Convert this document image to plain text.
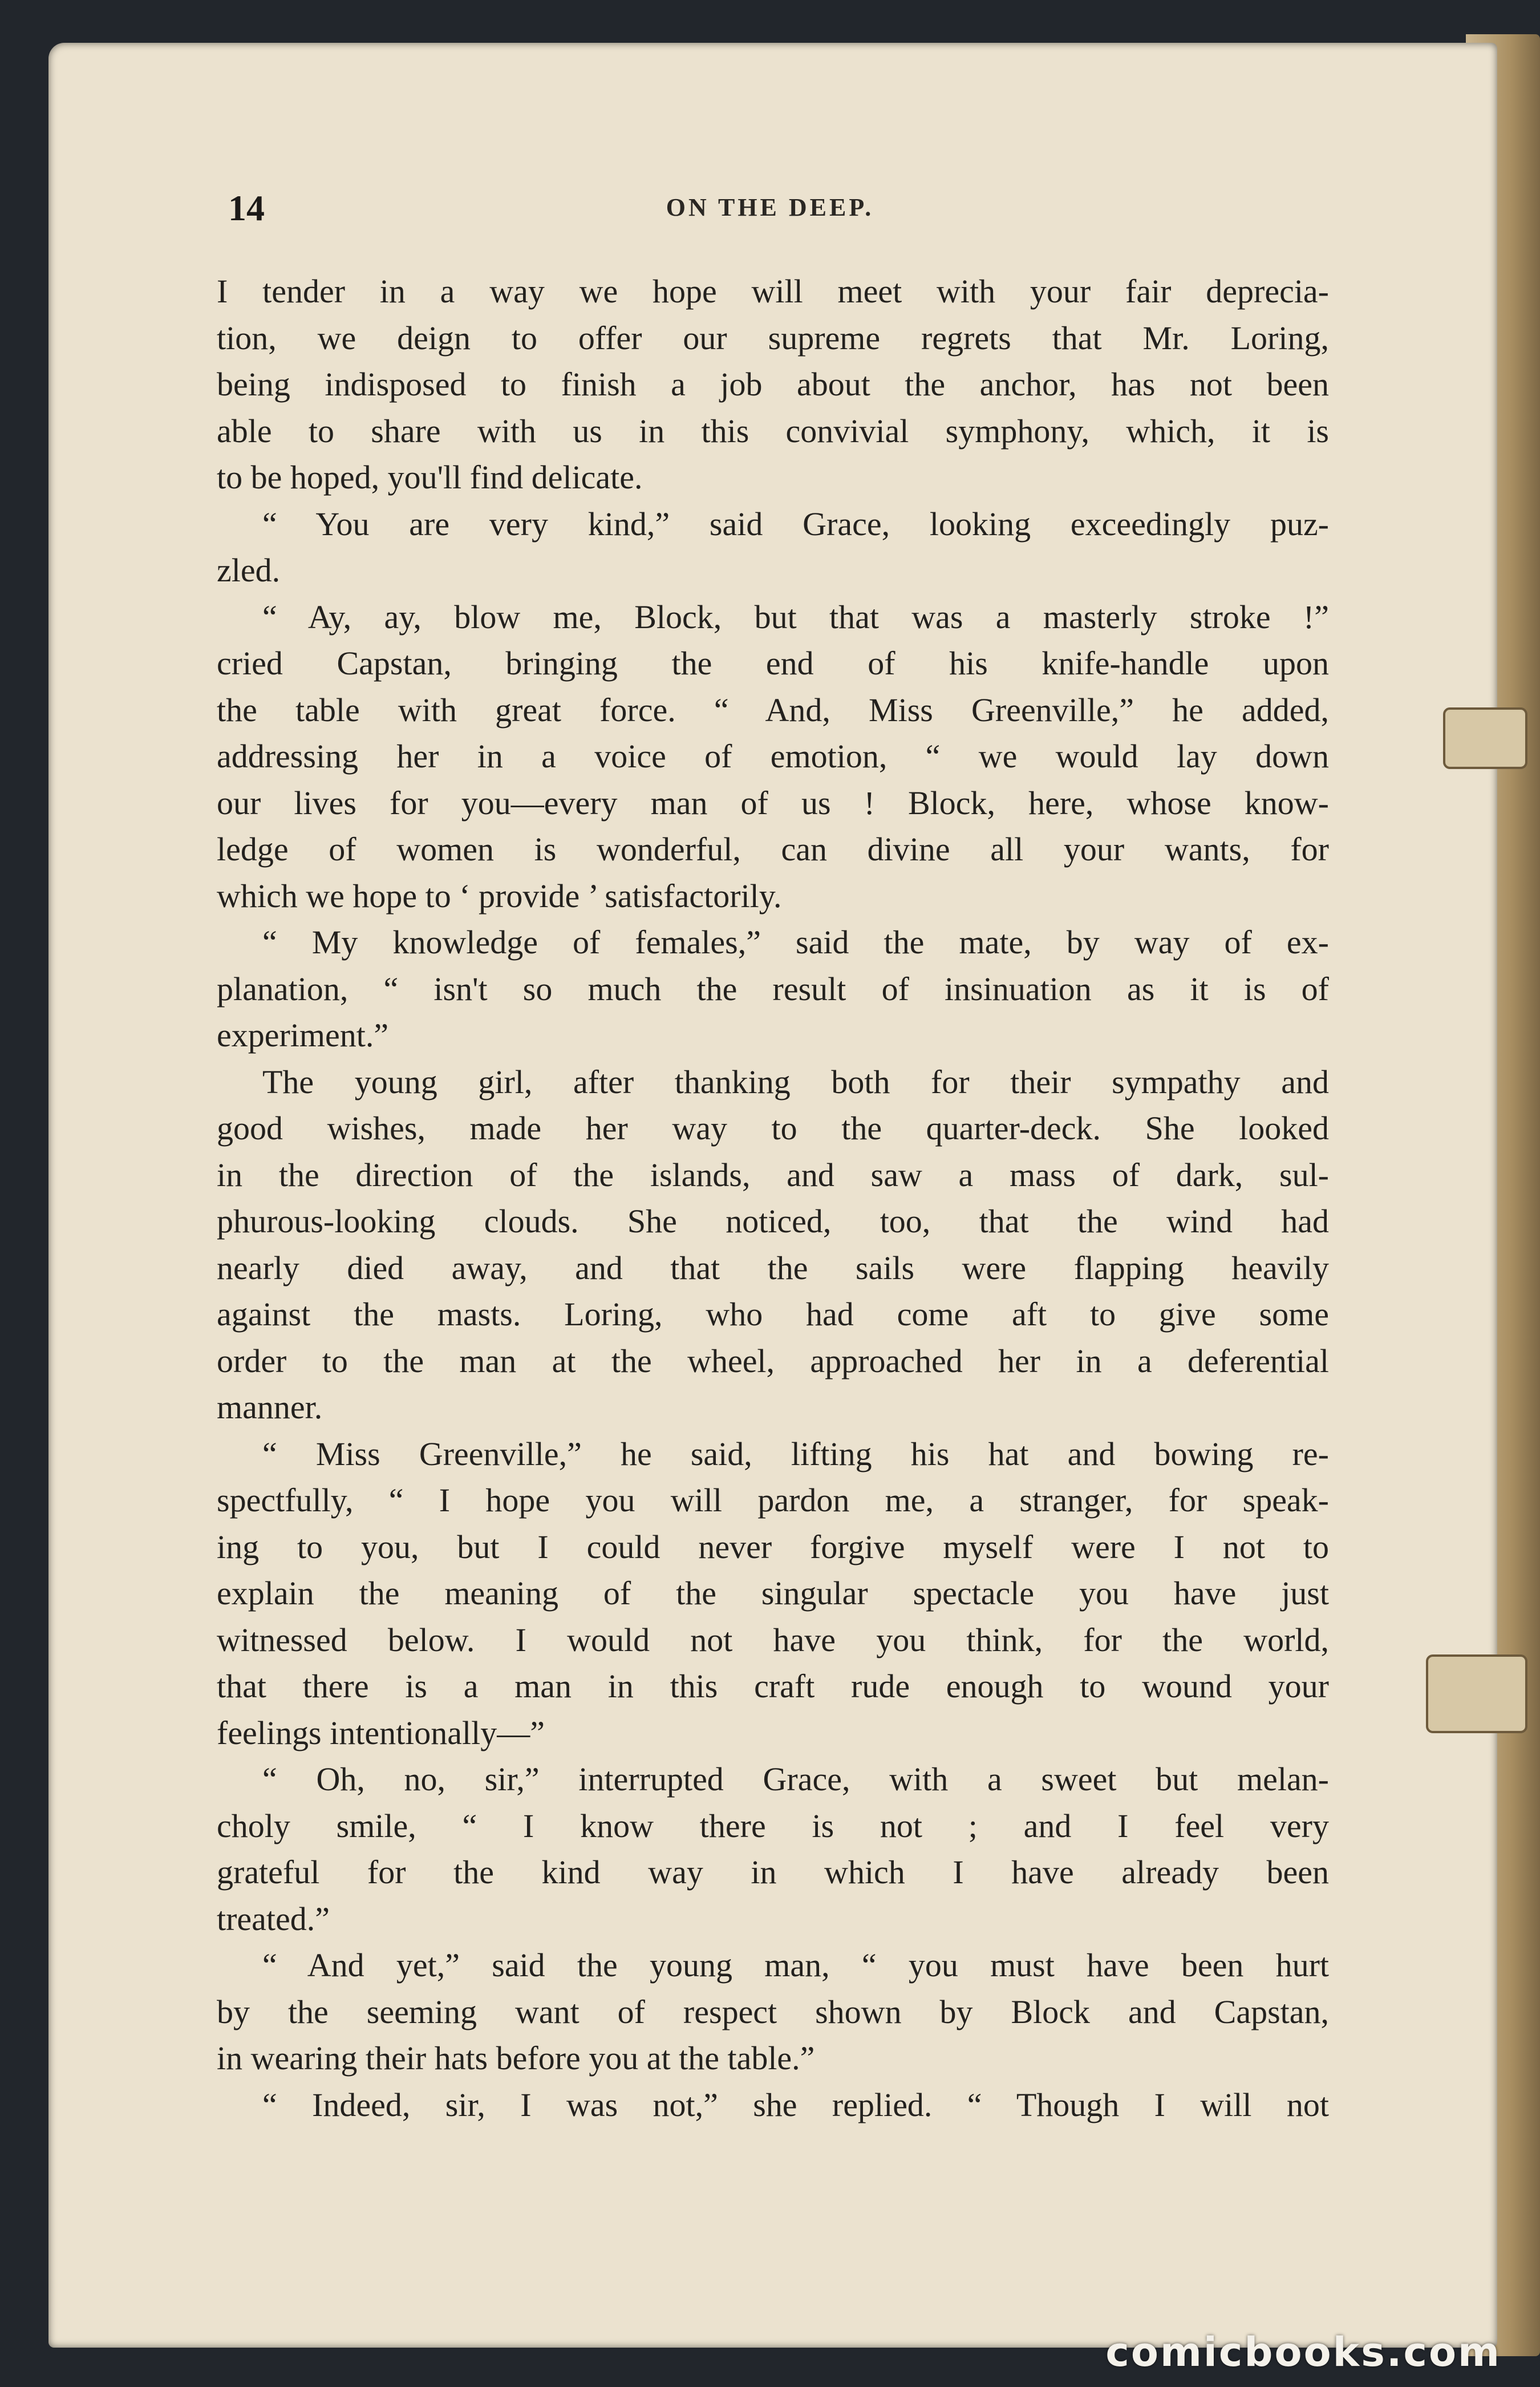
14	ON THE DEEP.
I tender in a way we hope will meet with your fair deprecia-
tion, we deign to offer our supreme regrets that Mr. Loring,
being indisposed to finish a job about the anchor, has not been
able to share with us in this convivial symphony, which, it is
to be hoped, you'll find delicate.
“ You are very kind,” said Grace, looking exceedingly puz-
zled.
“ Ay, ay, blow me, Block, but that was a masterly stroke !”
cried Capstan, bringing the end of his knife-handle upon
the table with great force. “ And, Miss Greenville,” he added,
addressing her in a voice of emotion, “ we would lay down
our lives for you—every man of us ! Block, here, whose know-
ledge of women is wonderful, can divine all your wants, for
which we hope to ‘ provide ’ satisfactorily.
“ My knowledge of females,” said the mate, by way of ex-
planation, “ isn't so much the result of insinuation as it is of
experiment.”
The young girl, after thanking both for their sympathy and
good wishes, made her way to the quarter-deck. She looked
in the direction of the islands, and saw a mass of dark, sul-
phurous-looking clouds. She noticed, too, that the wind had
nearly died away, and that the sails were flapping heavily
against the masts. Loring, who had come aft to give some
order to the man at the wheel, approached her in a deferential
manner.
“ Miss Greenville,” he said, lifting his hat and bowing re-
spectfully, “ I hope you will pardon me, a stranger, for speak-
ing to you, but I could never forgive myself were I not to
explain the meaning of the singular spectacle you have just
witnessed below. I would not have you think, for the world,
that there is a man in this craft rude enough to wound your
feelings intentionally—”
“ Oh, no, sir,” interrupted Grace, with a sweet but melan-
choly smile, “ I know there is not ; and I feel very
grateful for the kind way in which I have already been
treated.”
“ And yet,” said the young man, “ you must have been hurt
by the seeming want of respect shown by Block and Capstan,
in wearing their hats before you at the table.”
“ Indeed, sir, I was not,” she replied. “ Though I will not
comicbooks.com
